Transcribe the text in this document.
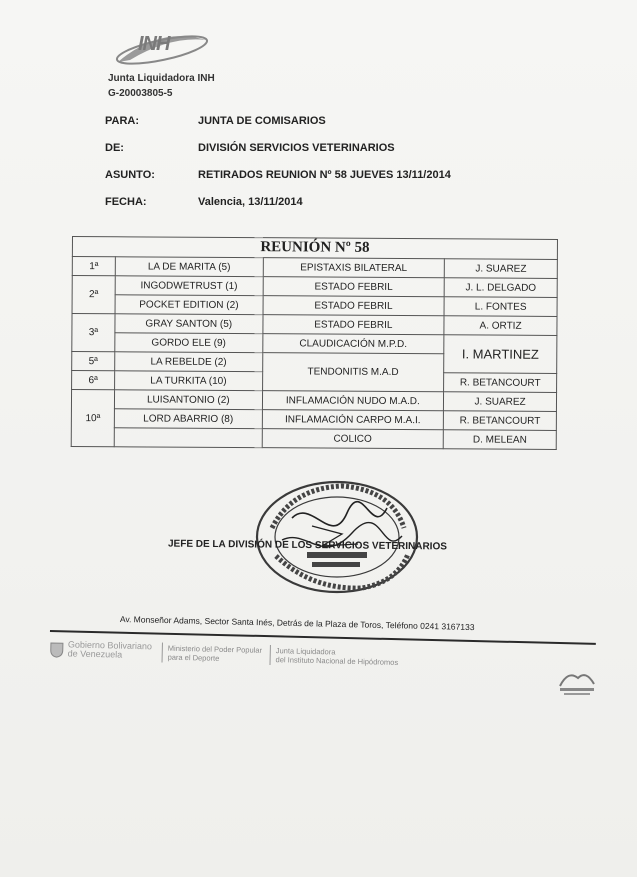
INH
Junta Liquidadora INH
G-20003805-5
PARA:	JUNTA DE COMISARIOS
DE:	DIVISIÓN SERVICIOS VETERINARIOS
ASUNTO:	RETIRADOS REUNION Nº 58 JUEVES 13/11/2014
FECHA:	Valencia, 13/11/2014
REUNIÓN Nº 58			
1ª	LA DE MARITA (5)	EPISTAXIS BILATERAL	J. SUAREZ
2ª	INGODWETRUST (1)	ESTADO FEBRIL	J. L. DELGADO
	POCKET EDITION (2)	ESTADO FEBRIL	L. FONTES
3ª	GRAY SANTON (5)	ESTADO FEBRIL	A. ORTIZ
	GORDO ELE (9)	CLAUDICACIÓN M.P.D.	I. MARTINEZ
5ª	LA REBELDE (2)	TENDONITIS M.A.D	
6ª	LA TURKITA (10)		R. BETANCOURT
10ª	LUISANTONIO (2)	INFLAMACIÓN NUDO M.A.D.	J. SUAREZ
	LORD ABARRIO (8)	INFLAMACIÓN CARPO M.A.I.	R. BETANCOURT
		COLICO	D. MELEAN
JEFE DE LA DIVISIÓN DE LOS SERVICIOS VETERINARIOS
Av. Monseñor Adams, Sector Santa Inés, Detrás de la Plaza de Toros, Teléfono 0241 3167133
Gobierno Bolivariano
de Venezuela	Ministerio del Poder Popular
para el Deporte
Junta Liquidadora
del Instituto Nacional de Hipódromos
